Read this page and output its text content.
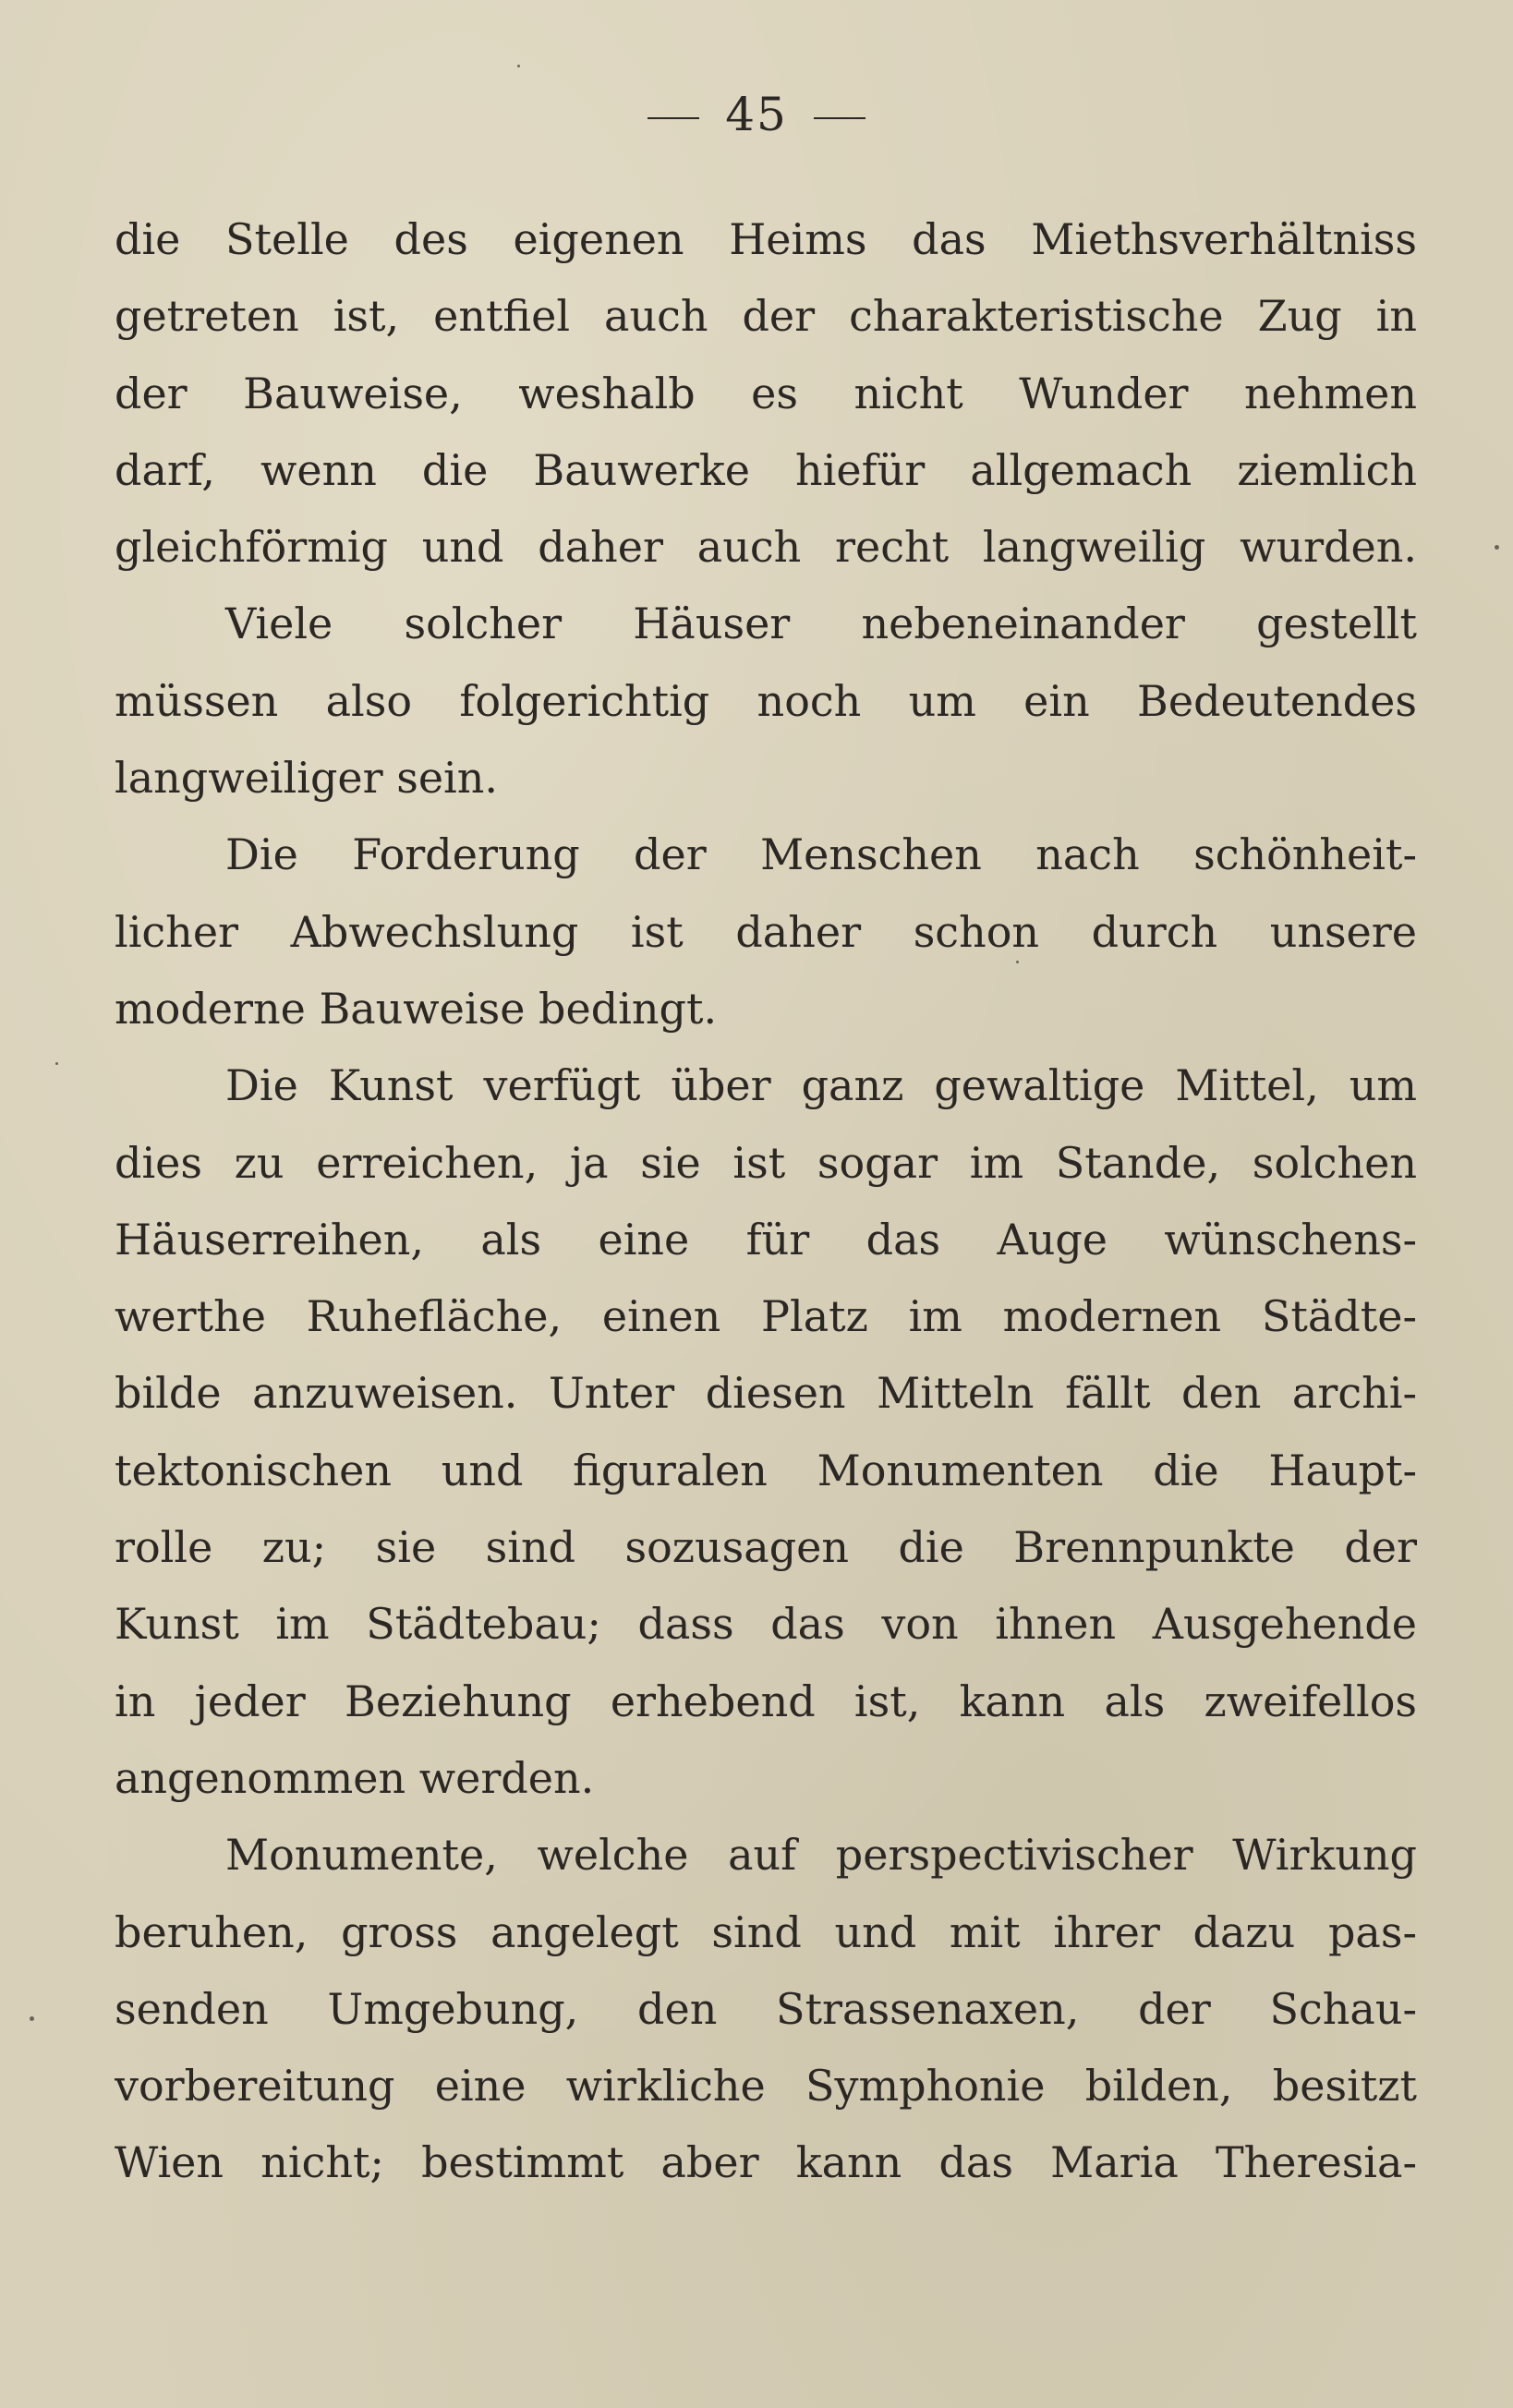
45
die Stelle des eigenen Heims das Miethsverhältniss
getreten ist, entfiel auch der charakteristische Zug in
der Bauweise, weshalb es nicht Wunder nehmen
darf, wenn die Bauwerke hiefür allgemach ziemlich
gleichförmig und daher auch recht langweilig wurden.
Viele solcher Häuser nebeneinander gestellt
müssen also folgerichtig noch um ein Bedeutendes
langweiliger sein.
Die Forderung der Menschen nach schönheit-
licher Abwechslung ist daher schon durch unsere
moderne Bauweise bedingt.
Die Kunst verfügt über ganz gewaltige Mittel, um
dies zu erreichen, ja sie ist sogar im Stande, solchen
Häuserreihen, als eine für das Auge wünschens-
werthe Ruhefläche, einen Platz im modernen Städte-
bilde anzuweisen. Unter diesen Mitteln fällt den archi-
tektonischen und figuralen Monumenten die Haupt-
rolle zu; sie sind sozusagen die Brennpunkte der
Kunst im Städtebau; dass das von ihnen Ausgehende
in jeder Beziehung erhebend ist, kann als zweifellos
angenommen werden.
Monumente, welche auf perspectivischer Wirkung
beruhen, gross angelegt sind und mit ihrer dazu pas-
senden Umgebung, den Strassenaxen, der Schau-
vorbereitung eine wirkliche Symphonie bilden, besitzt
Wien nicht; bestimmt aber kann das Maria Theresia-
